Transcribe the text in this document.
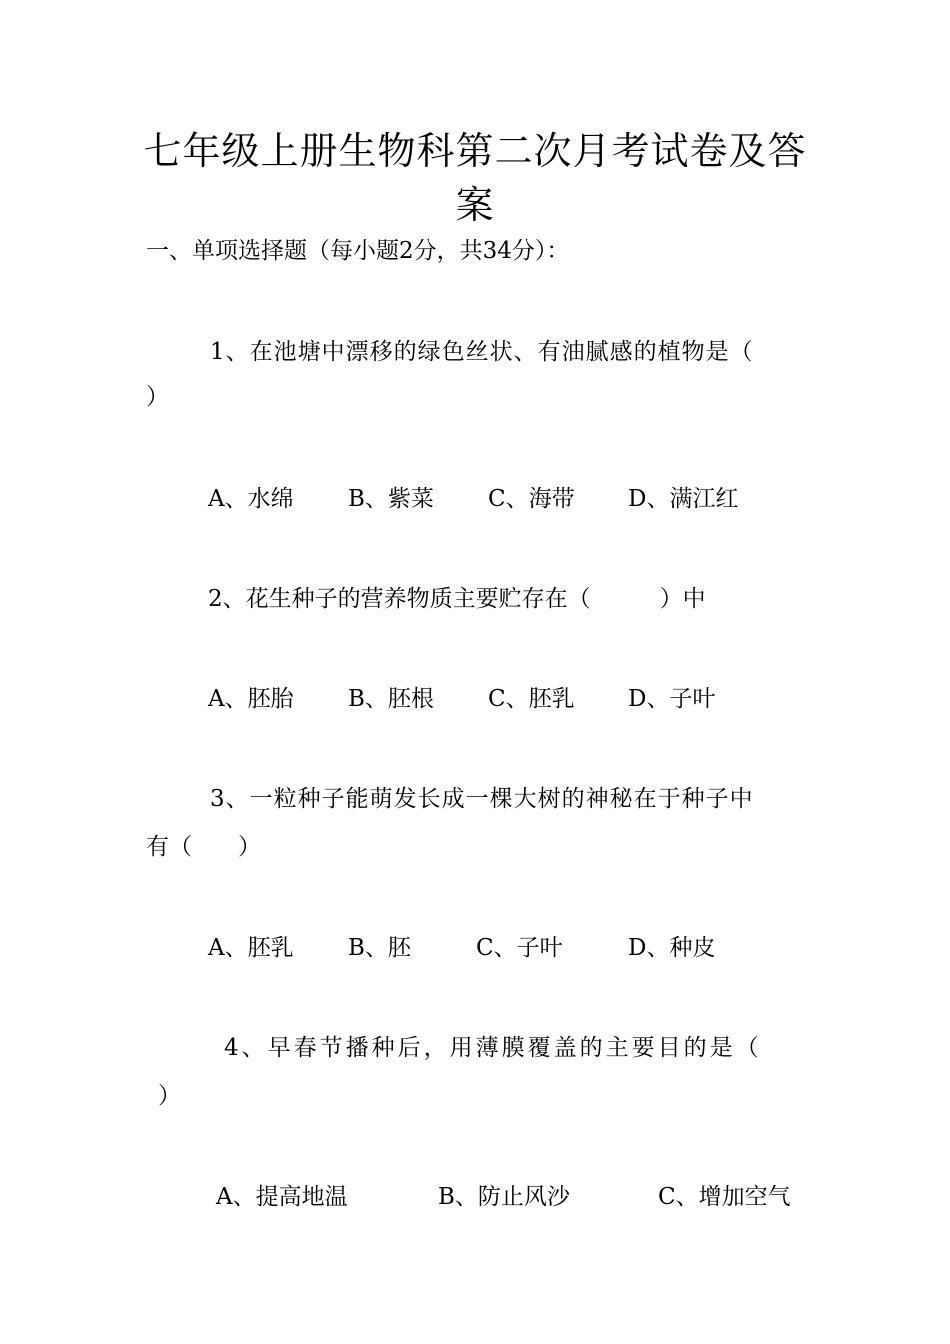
七年级上册生物科第二次月考试卷及答
案
一、单项选择题（每小题2分，共34分）：
1、在池塘中漂移的绿色丝状、有油腻感的植物是（
）
A、水绵 B、紫菜 C、海带 D、满江红
2、花生种子的营养物质主要贮存在（　　　）中
A、胚胎 B、胚根 C、胚乳 D、子叶
3、一粒种子能萌发长成一棵大树的神秘在于种子中
有（　　）
A、胚乳 B、胚	C、子叶	D、种皮
4、早春节播种后，用薄膜覆盖的主要目的是（
）
A、提高地温	B、防止风沙	C、增加空气
